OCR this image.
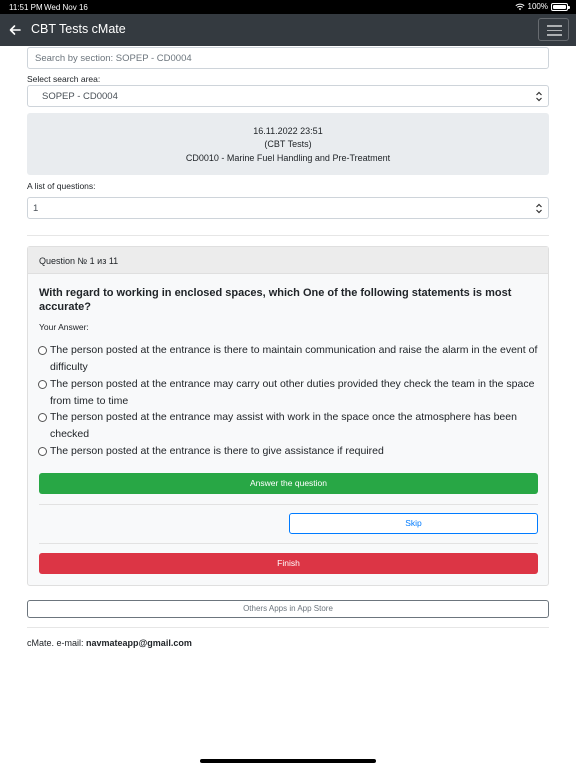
11:51 PM Wed Nov 16	100%
CBT Tests cMate
Search by section: SOPEP - CD0004
Select search area:
SOPEP - CD0004
16.11.2022 23:51
(CBT Tests)
CD0010 - Marine Fuel Handling and Pre-Treatment
A list of questions:
1
Question № 1 из 11
With regard to working in enclosed spaces, which One of the following statements is most accurate?
Your Answer:
The person posted at the entrance is there to maintain communication and raise the alarm in the event of difficulty
The person posted at the entrance may carry out other duties provided they check the team in the space from time to time
The person posted at the entrance may assist with work in the space once the atmosphere has been checked
The person posted at the entrance is there to give assistance if required
Answer the question
Skip
Finish
Others Apps in App Store
cMate. e-mail: navmateapp@gmail.com
